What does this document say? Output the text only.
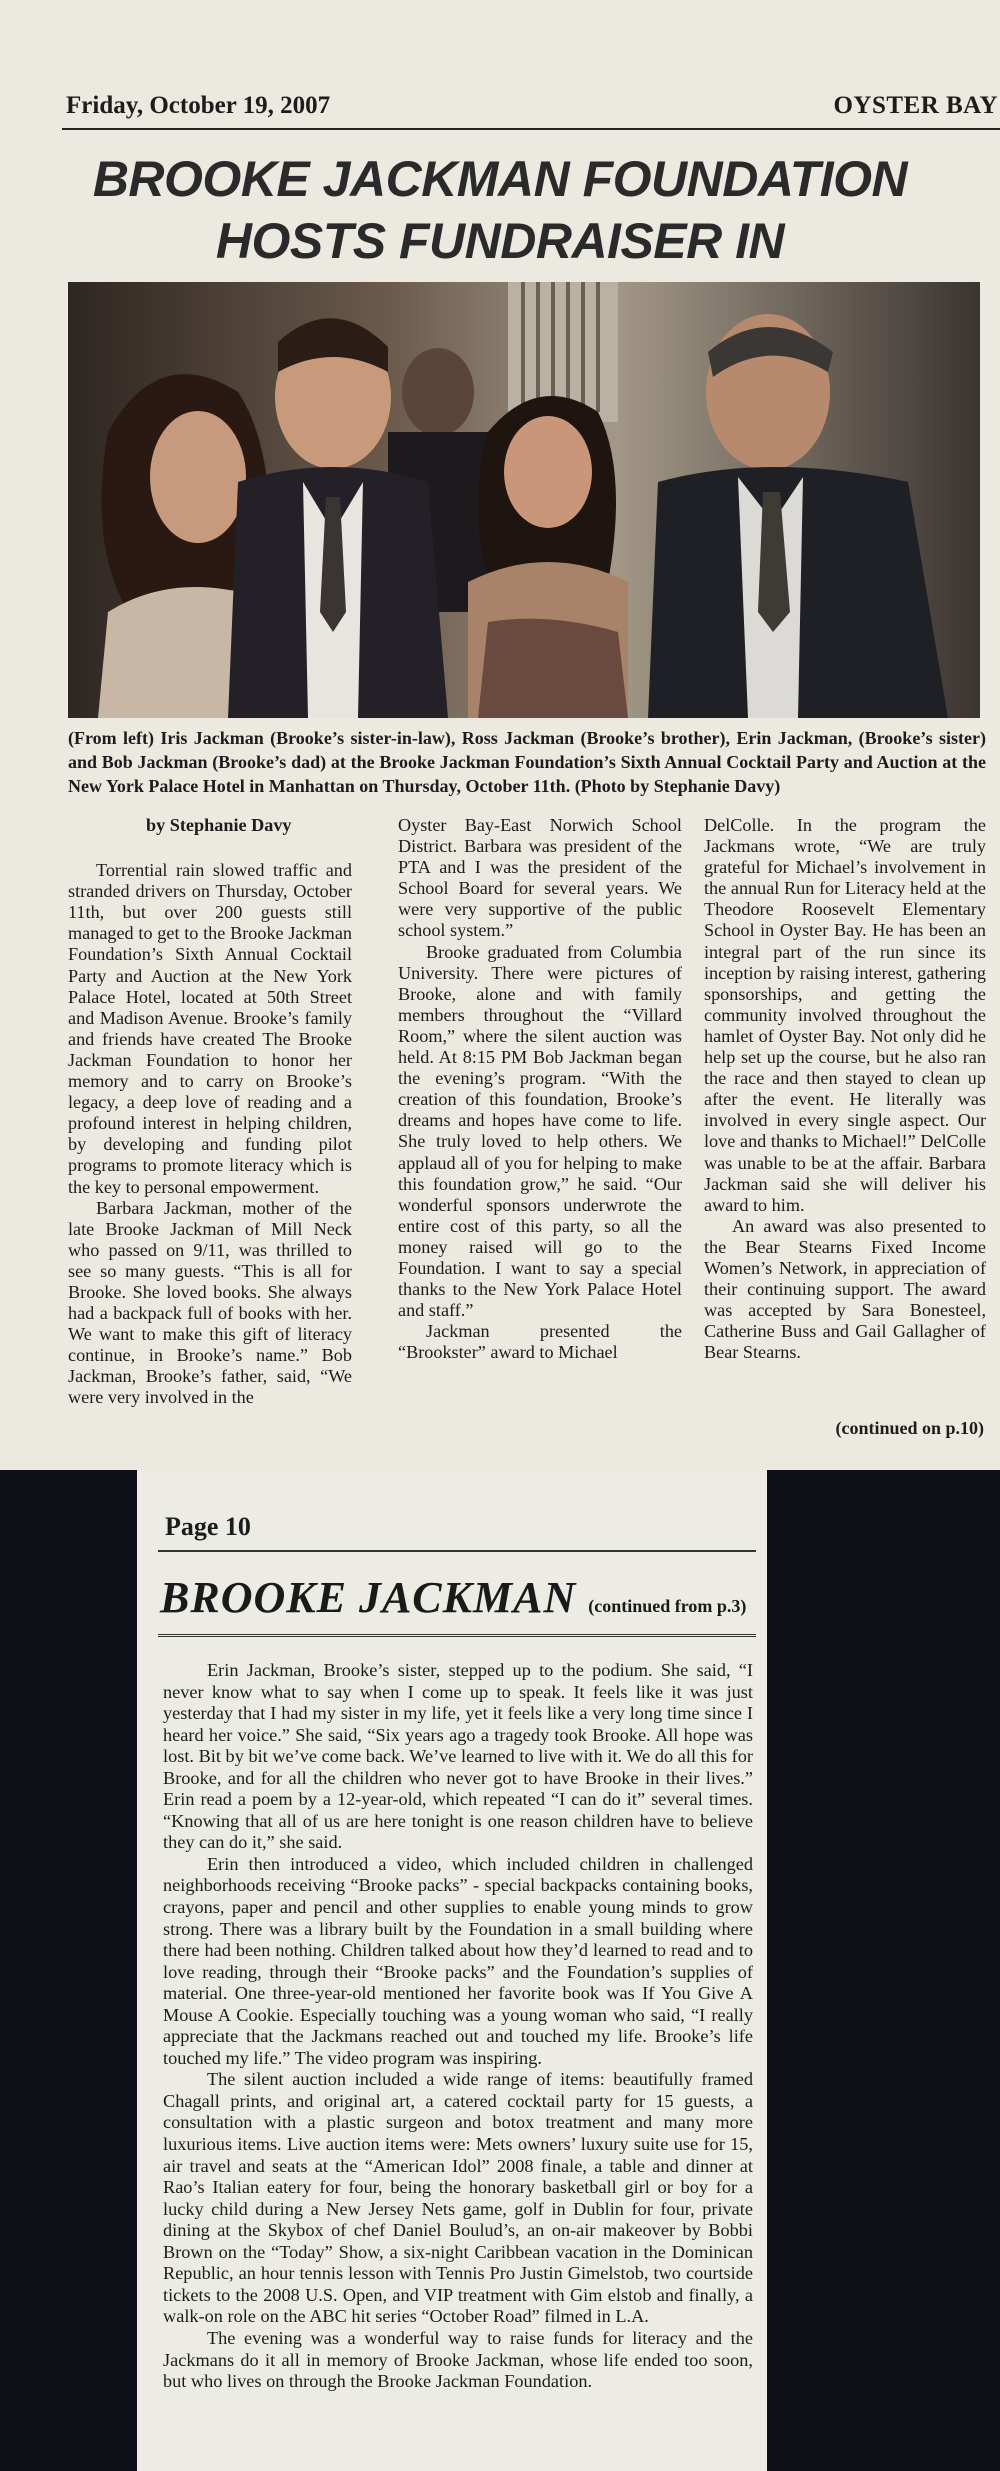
Friday, October 19, 2007	OYSTER BAY
BROOKE JACKMAN FOUNDATION HOSTS FUNDRAISER IN
(From left) Iris Jackman (Brooke’s sister-in-law), Ross Jackman (Brooke’s brother), Erin Jackman, (Brooke’s sister) and Bob Jackman (Brooke’s dad) at the Brooke Jackman Foundation’s Sixth Annual Cocktail Party and Auction at the New York Palace Hotel in Manhattan on Thursday, October 11th. (Photo by Stephanie Davy)

by Stephanie Davy

Torrential rain slowed traffic and stranded drivers on Thursday, October 11th, but over 200 guests still managed to get to the Brooke Jackman Foundation’s Sixth Annual Cocktail Party and Auction at the New York Palace Hotel, located at 50th Street and Madison Avenue. Brooke’s family and friends have created The Brooke Jackman Foundation to honor her memory and to carry on Brooke’s legacy, a deep love of reading and a profound interest in helping children, by developing and funding pilot programs to promote literacy which is the key to personal empowerment.

Barbara Jackman, mother of the late Brooke Jackman of Mill Neck who passed on 9/11, was thrilled to see so many guests. “This is all for Brooke. She loved books. She always had a backpack full of books with her. We want to make this gift of literacy continue, in Brooke’s name.” Bob Jackman, Brooke’s father, said, “We were very involved in the

Oyster Bay-East Norwich School District. Barbara was president of the PTA and I was the president of the School Board for several years. We were very supportive of the public school system.”

Brooke graduated from Columbia University. There were pictures of Brooke, alone and with family members throughout the “Villard Room,” where the silent auction was held. At 8:15 PM Bob Jackman began the evening’s program. “With the creation of this foundation, Brooke’s dreams and hopes have come to life. She truly loved to help others. We applaud all of you for helping to make this foundation grow,” he said. “Our wonderful sponsors underwrote the entire cost of this party, so all the money raised will go to the Foundation. I want to say a special thanks to the New York Palace Hotel and staff.”

Jackman presented the “Brookster” award to Michael

DelColle. In the program the Jackmans wrote, “We are truly grateful for Michael’s involvement in the annual Run for Literacy held at the Theodore Roosevelt Elementary School in Oyster Bay. He has been an integral part of the run since its inception by raising interest, gathering sponsorships, and getting the community involved throughout the hamlet of Oyster Bay. Not only did he help set up the course, but he also ran the race and then stayed to clean up after the event. He literally was involved in every single aspect. Our love and thanks to Michael!” DelColle was unable to be at the affair. Barbara Jackman said she will deliver his award to him.

An award was also presented to the Bear Stearns Fixed Income Women’s Network, in appreciation of their continuing support. The award was accepted by Sara Bonesteel, Catherine Buss and Gail Gallagher of Bear Stearns.

(continued on p.10)
Page 10
BROOKE JACKMAN (continued from p.3)

Erin Jackman, Brooke’s sister, stepped up to the podium. She said, “I never know what to say when I come up to speak. It feels like it was just yesterday that I had my sister in my life, yet it feels like a very long time since I heard her voice.” She said, “Six years ago a tragedy took Brooke. All hope was lost. Bit by bit we’ve come back. We’ve learned to live with it. We do all this for Brooke, and for all the children who never got to have Brooke in their lives.” Erin read a poem by a 12-year-old, which repeated “I can do it” several times. “Knowing that all of us are here tonight is one reason children have to believe they can do it,” she said.

Erin then introduced a video, which included children in challenged neighborhoods receiving “Brooke packs” - special backpacks containing books, crayons, paper and pencil and other supplies to enable young minds to grow strong. There was a library built by the Foundation in a small building where there had been nothing. Children talked about how they’d learned to read and to love reading, through their “Brooke packs” and the Foundation’s supplies of material. One three-year-old mentioned her favorite book was If You Give A Mouse A Cookie. Especially touching was a young woman who said, “I really appreciate that the Jackmans reached out and touched my life. Brooke’s life touched my life.” The video program was inspiring.

The silent auction included a wide range of items: beautifully framed Chagall prints, and original art, a catered cocktail party for 15 guests, a consultation with a plastic surgeon and botox treatment and many more luxurious items. Live auction items were: Mets owners’ luxury suite use for 15, air travel and seats at the “American Idol” 2008 finale, a table and dinner at Rao’s Italian eatery for four, being the honorary basketball girl or boy for a lucky child during a New Jersey Nets game, golf in Dublin for four, private dining at the Skybox of chef Daniel Boulud’s, an on-air makeover by Bobbi Brown on the “Today” Show, a six-night Caribbean vacation in the Dominican Republic, an hour tennis lesson with Tennis Pro Justin Gimelstob, two courtside tickets to the 2008 U.S. Open, and VIP treatment with Gim elstob and finally, a walk-on role on the ABC hit series “October Road” filmed in L.A.

The evening was a wonderful way to raise funds for literacy and the Jackmans do it all in memory of Brooke Jackman, whose life ended too soon, but who lives on through the Brooke Jackman Foundation.
